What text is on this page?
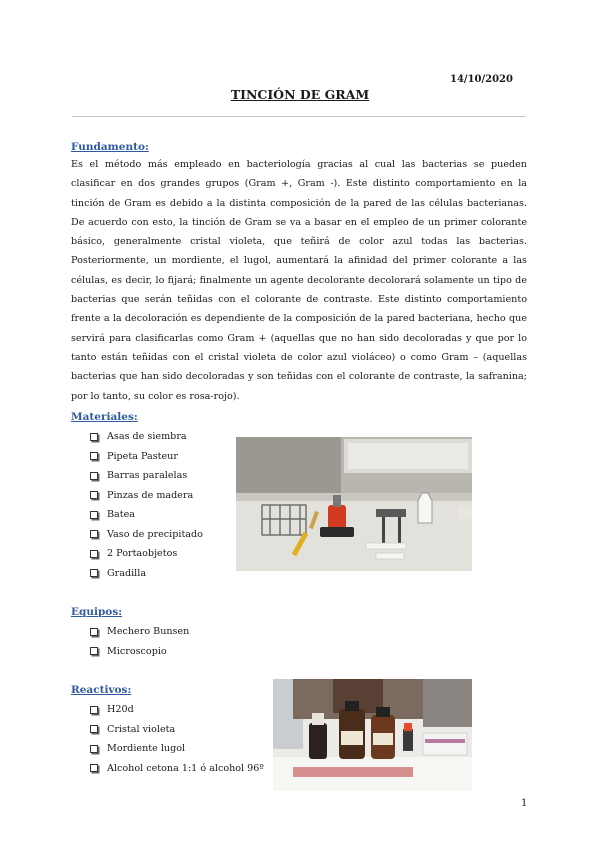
14/10/2020
TINCIÓN DE GRAM
Fundamento:
Es el método más empleado en bacteriología gracias al cual las bacterias se pueden clasificar en dos grandes grupos (Gram +, Gram -). Este distinto comportamiento en la tinción de Gram es debido a la distinta composición de la pared de las células bacterianas. De acuerdo con esto, la tinción de Gram se va a basar en el empleo de un primer colorante básico, generalmente cristal violeta, que teñirá de color azul todas las bacterias. Posteriormente, un mordiente, el lugol, aumentará la afinidad del primer colorante a las células, es decir, lo fijará; finalmente un agente decolorante decolorará solamente un tipo de bacterias que serán teñidas con el colorante de contraste. Este distinto comportamiento frente a la decoloración es dependiente de la composición de la pared bacteriana, hecho que servirá para clasificarlas como Gram + (aquellas que no han sido decoloradas y que por lo tanto están teñidas con el cristal violeta de color azul violáceo) o como Gram – (aquellas bacterias que han sido decoloradas y son teñidas con el colorante de contraste, la safranina; por lo tanto, su color es rosa-rojo).
Materiales:
Asas de siembra
Pipeta Pasteur
Barras paralelas
Pinzas de madera
Batea
Vaso de precipitado
2 Portaobjetos
Gradilla
Equipos:
Mechero Bunsen
Microscopio
Reactivos:
H20d
Cristal violeta
Mordiente lugol
Alcohol cetona 1:1 ó alcohol 96º
1
